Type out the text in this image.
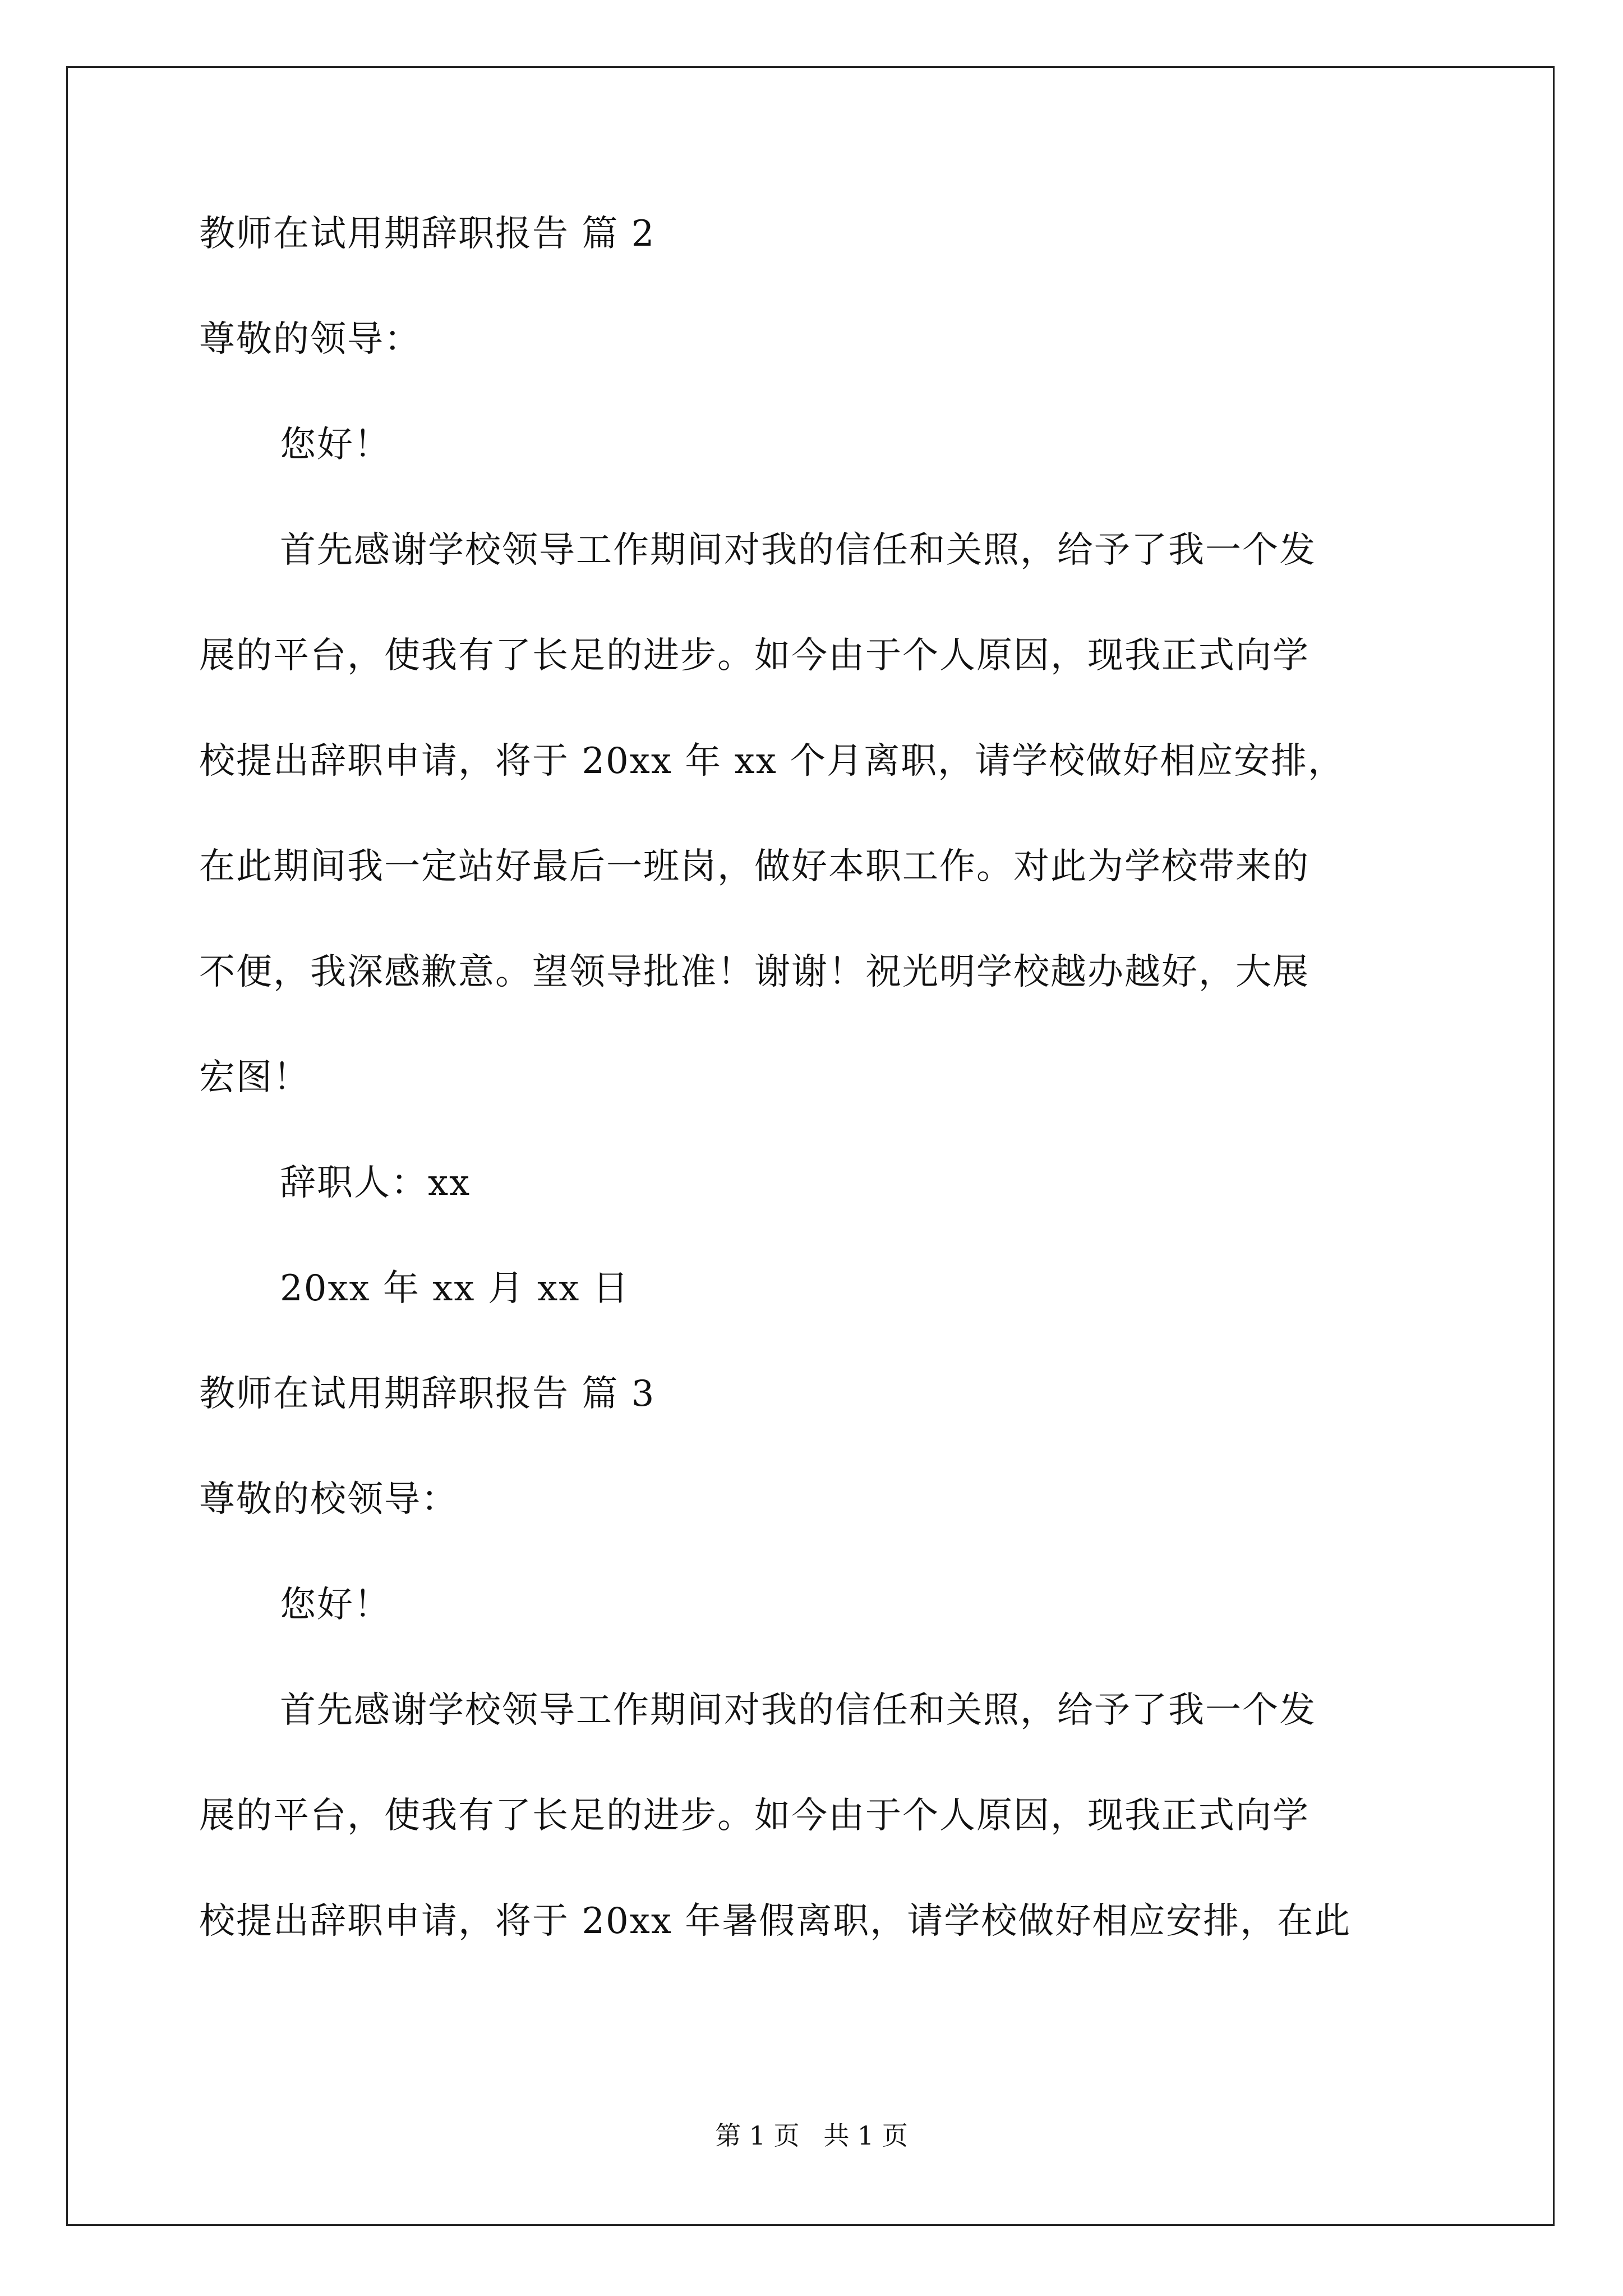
教师在试用期辞职报告 篇 2
尊敬的领导：
您好！
首先感谢学校领导工作期间对我的信任和关照，给予了我一个发
展的平台，使我有了长足的进步。如今由于个人原因，现我正式向学
校提出辞职申请，将于 20xx 年 xx 个月离职，请学校做好相应安排，
在此期间我一定站好最后一班岗，做好本职工作。对此为学校带来的
不便，我深感歉意。望领导批准！谢谢！祝光明学校越办越好，大展
宏图！
辞职人：xx
20xx 年 xx 月 xx 日
教师在试用期辞职报告 篇 3
尊敬的校领导：
您好！
首先感谢学校领导工作期间对我的信任和关照，给予了我一个发
展的平台，使我有了长足的进步。如今由于个人原因，现我正式向学
校提出辞职申请，将于 20xx 年暑假离职，请学校做好相应安排，在此
第 1 页 共 1 页
